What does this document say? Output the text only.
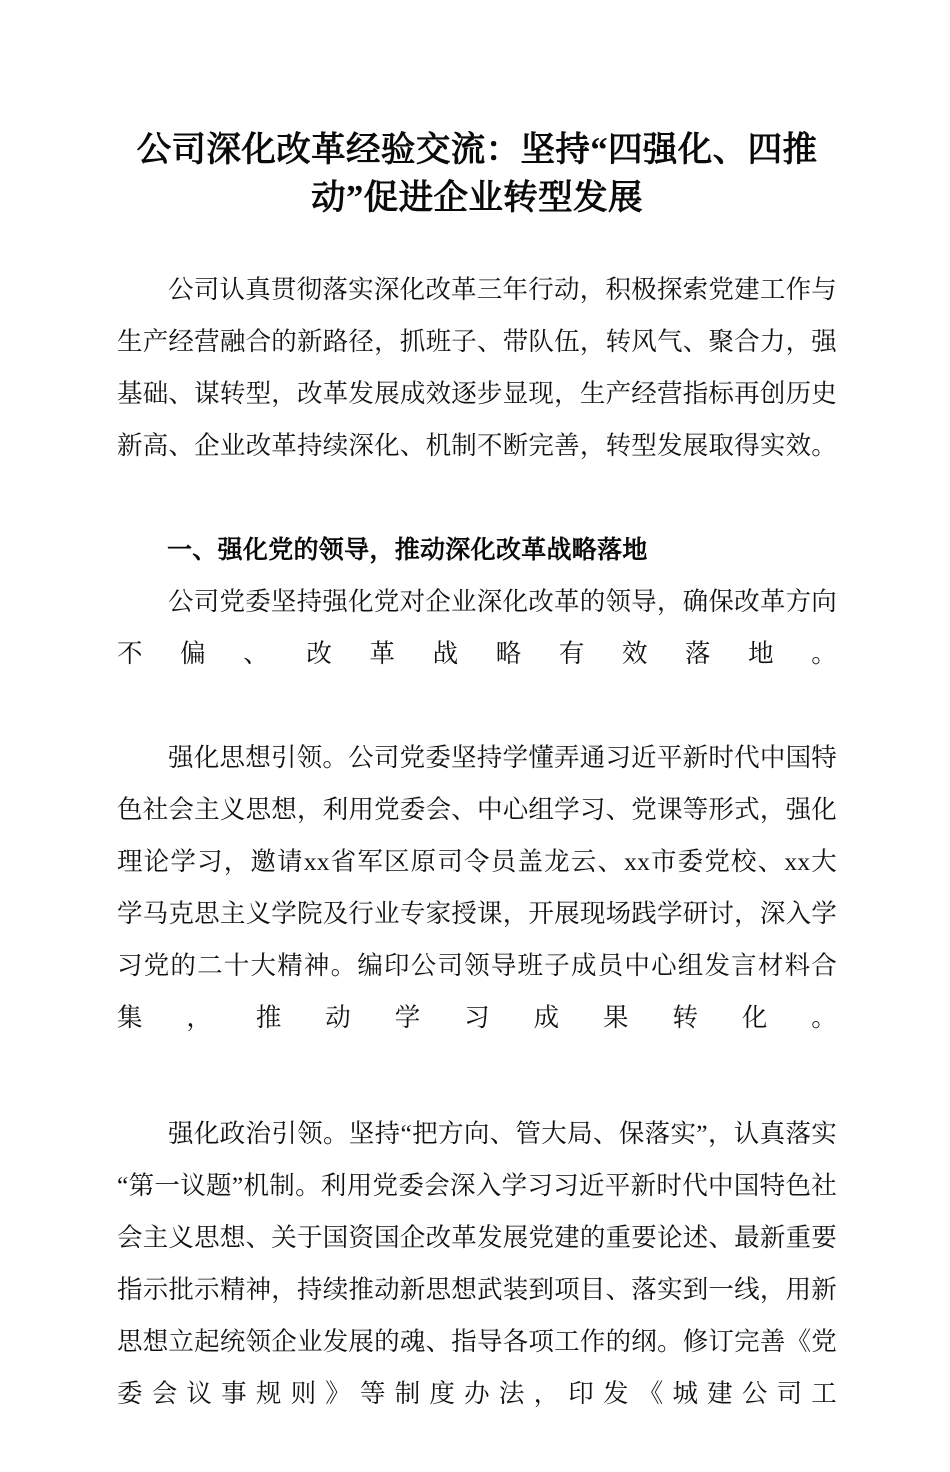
公司深化改革经验交流：坚持“四强化、四推动”促进企业转型发展

公司认真贯彻落实深化改革三年行动，积极探索党建工作与生产经营融合的新路径，抓班子、带队伍，转风气、聚合力，强基础、谋转型，改革发展成效逐步显现，生产经营指标再创历史新高、企业改革持续深化、机制不断完善，转型发展取得实效。

一、强化党的领导，推动深化改革战略落地

公司党委坚持强化党对企业深化改革的领导，确保改革方向不偏、改革战略有效落地。

强化思想引领。公司党委坚持学懂弄通习近平新时代中国特色社会主义思想，利用党委会、中心组学习、党课等形式，强化理论学习，邀请xx省军区原司令员盖龙云、xx市委党校、xx大学马克思主义学院及行业专家授课，开展现场践学研讨，深入学习党的二十大精神。编印公司领导班子成员中心组发言材料合集，推动学习成果转化。

强化政治引领。坚持“把方向、管大局、保落实”，认真落实“第一议题”机制。利用党委会深入学习习近平新时代中国特色社会主义思想、关于国资国企改革发展党建的重要论述、最新重要指示批示精神，持续推动新思想武装到项目、落实到一线，用新思想立起统领企业发展的魂、指导各项工作的纲。修订完善《党委会议事规则》等制度办法，印发《城建公司工
